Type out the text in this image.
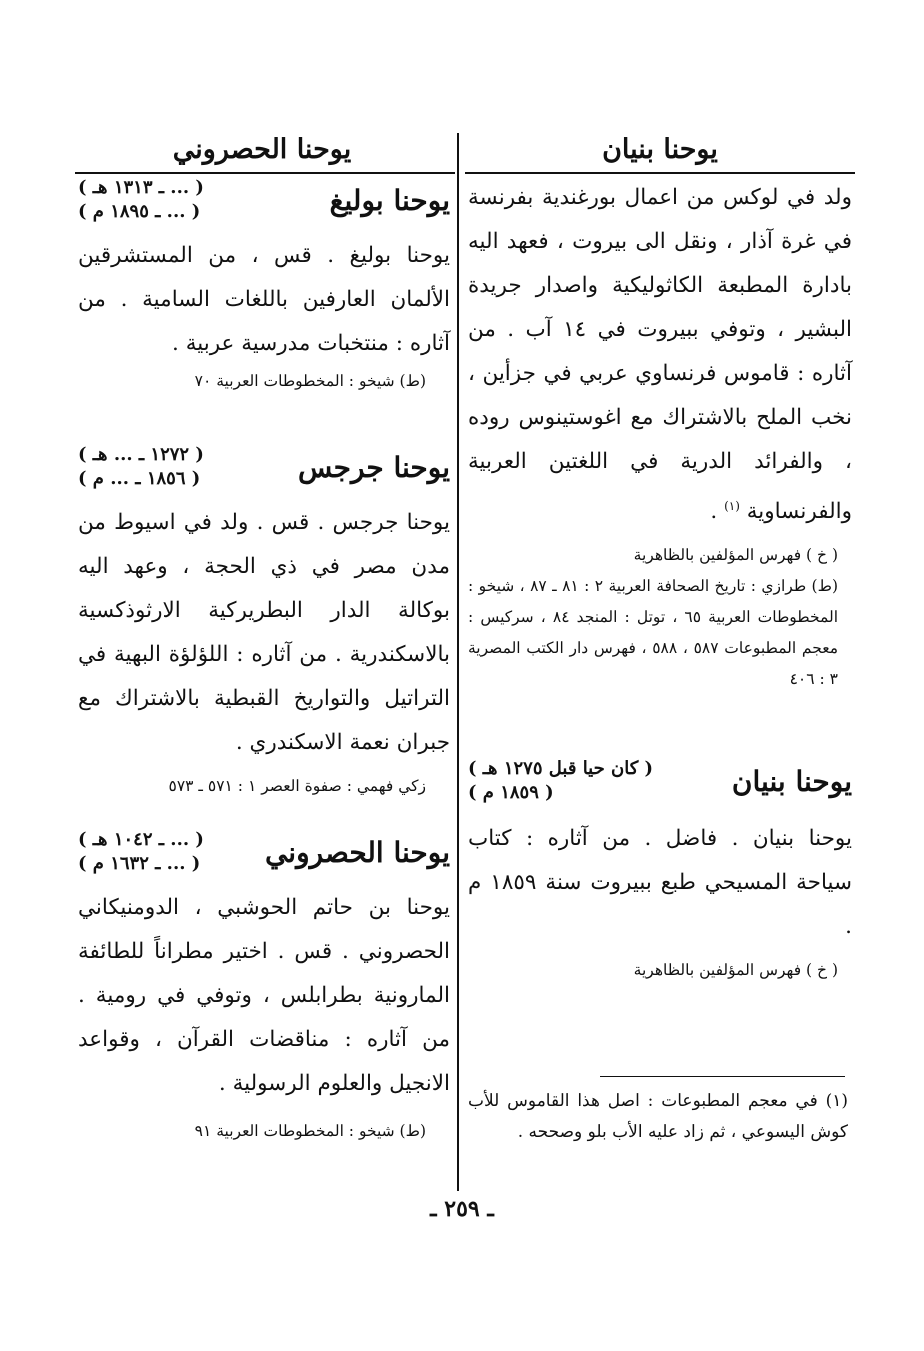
يوحنا بنيان
يوحنا الحصروني

ولد في لوكس من اعمال بورغندية بفرنسة في غرة آذار ، ونقل الى بيروت ، فعهد اليه بادارة المطبعة الكاثوليكية واصدار جريدة البشير ، وتوفي ببيروت في ١٤ آب . من آثاره : قاموس فرنساوي عربي في جزأين ، نخب الملح بالاشتراك مع اغوستينوس روده ، والفرائد الدرية في اللغتين العربية والفرنساوية $^{(١)}$ .

( خ ) فهرس المؤلفين بالظاهرية

(ط) طرازي : تاريخ الصحافة العربية ٢ : ٨١ ـ ٨٧ ، شيخو : المخطوطات العربية ٦٥ ، توتل : المنجد ٨٤ ، سركيس : معجم المطبوعات ٥٨٧ ، ٥٨٨ ، فهرس دار الكتب المصرية ٣ : ٤٠٦

يوحنا بنيان
( كان حيا قبل ١٢٧٥ هـ )
( ١٨٥٩ م )

يوحنا بنيان . فاضل . من آثاره : كتاب سياحة المسيحي طبع ببيروت سنة ١٨٥٩ م .

( خ ) فهرس المؤلفين بالظاهرية

(١) في معجم المطبوعات : اصل هذا القاموس للأب كوش اليسوعي ، ثم زاد عليه الأب بلو وصححه .
يوحنا بوليغ
( ... ـ ١٣١٣ هـ )
( ... ـ ١٨٩٥ م )

يوحنا بوليغ . قس ، من المستشرقين الألمان العارفين باللغات السامية . من آثاره : منتخبات مدرسية عربية .

(ط) شيخو : المخطوطات العربية ٧٠

يوحنا جرجس
( ١٢٧٢ ـ ... هـ )
( ١٨٥٦ ـ ... م )

يوحنا جرجس . قس . ولد في اسيوط من مدن مصر في ذي الحجة ، وعهد اليه بوكالة الدار البطريركية الارثوذكسية بالاسكندرية . من آثاره : اللؤلؤة البهية في التراتيل والتواريخ القبطية بالاشتراك مع جبران نعمة الاسكندري .

زكي فهمي : صفوة العصر ١ : ٥٧١ ـ ٥٧٣

يوحنا الحصروني
( ... ـ ١٠٤٢ هـ )
( ... ـ ١٦٣٢ م )

يوحنا بن حاتم الحوشبي ، الدومنيكاني الحصروني . قس . اختير مطراناً للطائفة المارونية بطرابلس ، وتوفي في رومية . من آثاره : مناقضات القرآن ، وقواعد الانجيل والعلوم الرسولية .

(ط) شيخو : المخطوطات العربية ٩١

ـ ٢٥٩ ـ
